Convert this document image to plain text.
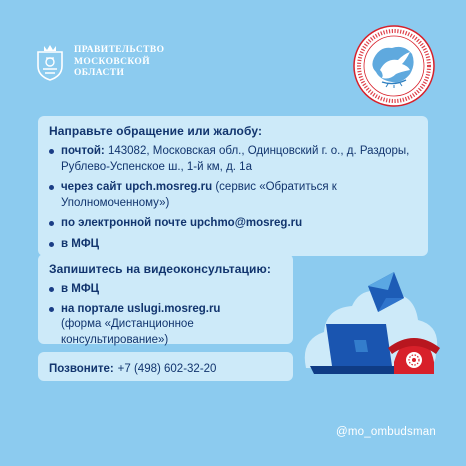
ПРАВИТЕЛЬСТВО
МОСКОВСКОЙ
ОБЛАСТИ
Направьте обращение или жалобу:
почтой: 143082, Московская обл., Одинцовский г. о., д. Раздоры, Рублево-Успенское ш., 1-й км, д. 1а
через сайт upch.mosreg.ru (сервис «Обратиться к Уполномоченному»)
по электронной почте upchmo@mosreg.ru
в МФЦ
Запишитесь на видеоконсультацию:
в МФЦ
на портале uslugi.mosreg.ru
(форма «Дистанционное консультирование»)
Позвоните: +7 (498) 602-32-20
@mo_ombudsman
